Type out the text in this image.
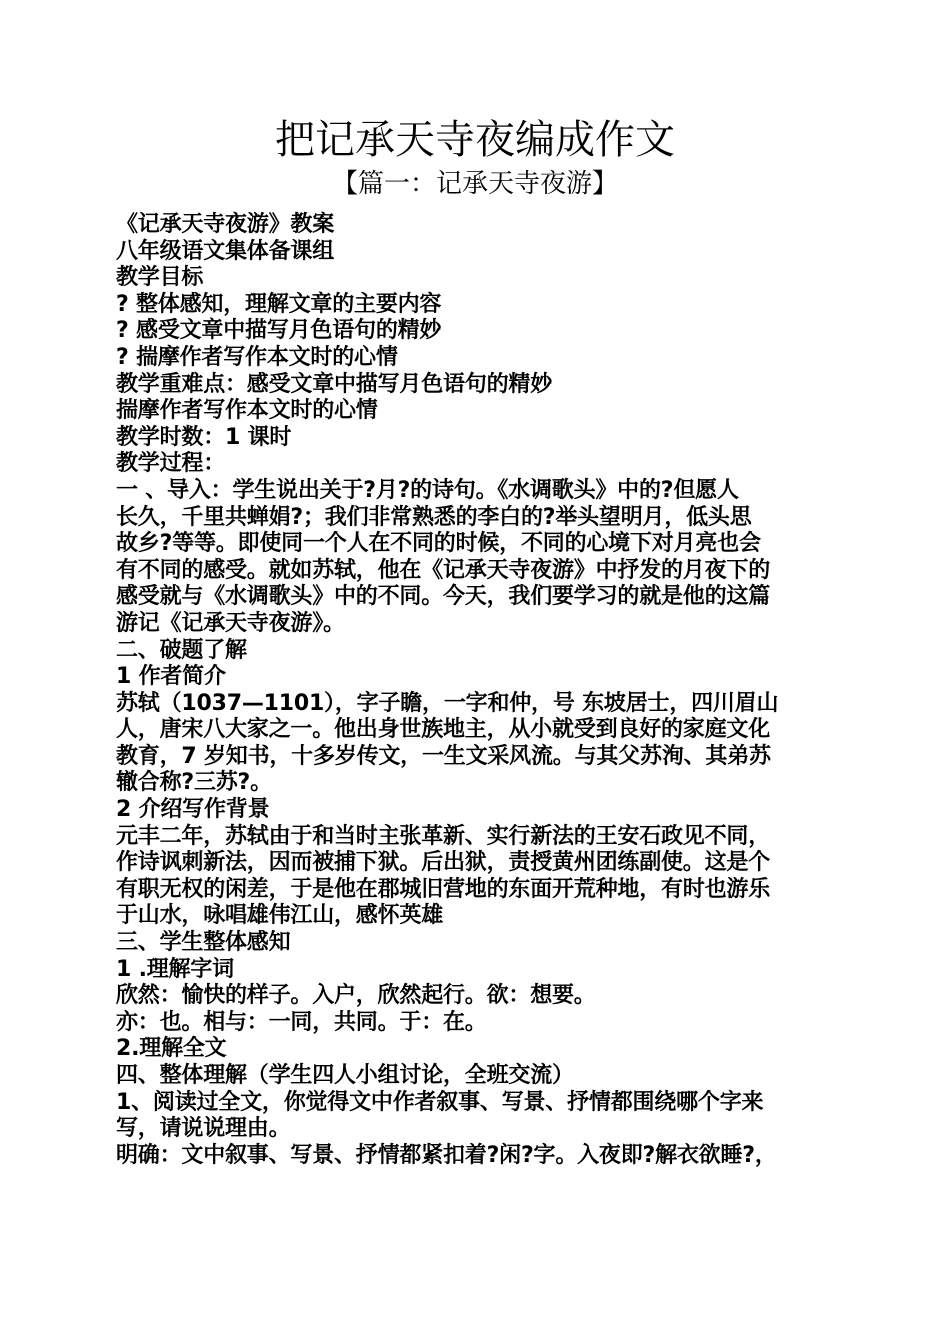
把记承天寺夜编成作文
【篇一：记承天寺夜游】
《记承天寺夜游》教案
八年级语文集体备课组
教学目标
? 整体感知，理解文章的主要内容
? 感受文章中描写月色语句的精妙
? 揣摩作者写作本文时的心情
教学重难点：感受文章中描写月色语句的精妙
揣摩作者写作本文时的心情
教学时数：1 课时
教学过程：
一 、导入：学生说出关于?月?的诗句。《水调歌头》中的?但愿人
长久，千里共蝉娟?；我们非常熟悉的李白的?举头望明月，低头思
故乡?等等。即使同一个人在不同的时候，不同的心境下对月亮也会
有不同的感受。就如苏轼，他在《记承天寺夜游》中抒发的月夜下的
感受就与《水调歌头》中的不同。今天，我们要学习的就是他的这篇
游记《记承天寺夜游》。
二、破题了解
1 作者简介
苏轼（1037—1101），字子瞻，一字和仲，号 东坡居士，四川眉山
人，唐宋八大家之一。他出身世族地主，从小就受到良好的家庭文化
教育，7 岁知书，十多岁传文，一生文采风流。与其父苏洵、其弟苏
辙合称?三苏?。
2 介绍写作背景
元丰二年，苏轼由于和当时主张革新、实行新法的王安石政见不同，
作诗讽刺新法，因而被捕下狱。后出狱，责授黄州团练副使。这是个
有职无权的闲差，于是他在郡城旧营地的东面开荒种地，有时也游乐
于山水，咏唱雄伟江山，感怀英雄
三、学生整体感知
1 .理解字词
欣然：愉快的样子。入户，欣然起行。欲：想要。
亦：也。相与：一同，共同。于：在。
2.理解全文
四、整体理解（学生四人小组讨论，全班交流）
1、阅读过全文，你觉得文中作者叙事、写景、抒情都围绕哪个字来
写，请说说理由。
明确：文中叙事、写景、抒情都紧扣着?闲?字。入夜即?解衣欲睡?，
